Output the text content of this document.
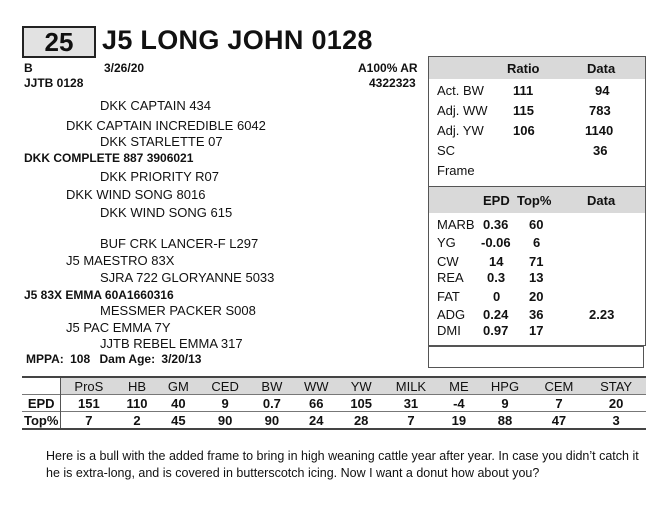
25	J5 LONG JOHN 0128
B	3/26/20	A100% AR
JJTB 0128	4322323
DKK CAPTAIN 434
DKK CAPTAIN INCREDIBLE 6042
DKK STARLETTE 07
DKK COMPLETE 887 3906021
DKK PRIORITY R07
DKK WIND SONG 8016
DKK WIND SONG 615
BUF CRK LANCER-F L297
J5 MAESTRO 83X
SJRA 722 GLORYANNE 5033
J5 83X EMMA 60A1660316
MESSMER PACKER S008
J5 PAC EMMA 7Y
JJTB REBEL EMMA 317
MPPA: 108 Dam Age: 3/20/13
Ratio	Data
Act. BW 111	94
Adj. WW 115	783
Adj. YW 106	1140
SC	36
Frame
EPD Top%	Data
MARB 0.36 60
YG -0.06 6
CW 14 71
REA 0.3 13
FAT	0 20
ADG 0.24 36	2.23
DMI 0.97 17
	ProS	HB	GM	CED	BW	WW	YW	MILK	ME	HPG	CEM	STAY
EPD	151	110	40	9	0.7	66	105	31	-4	9	7	20
Top%	7	2	45	90	90	24	28	7	19	88	47	3
Here is a bull with the added frame to bring in high weaning cattle year after year. In case you didn’t catch it he is extra-long, and is covered in butterscotch icing. Now I want a donut how about you?
